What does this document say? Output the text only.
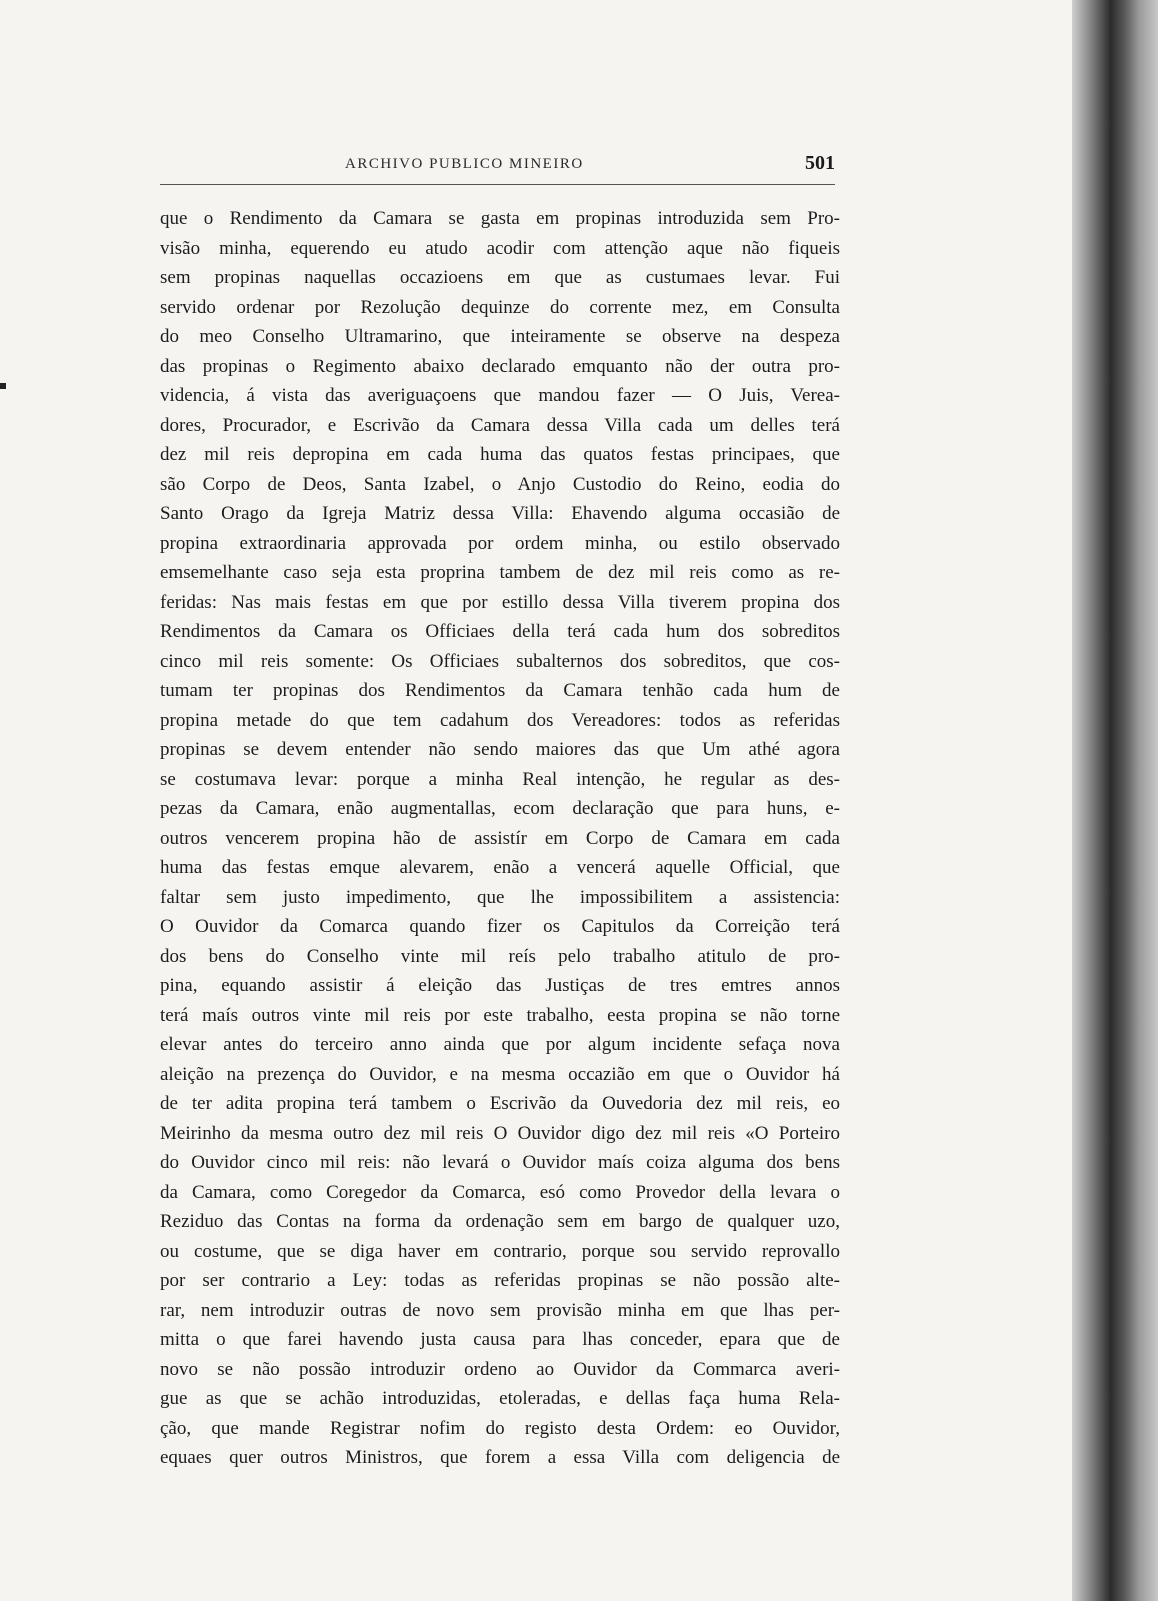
ARCHIVO PUBLICO MINEIRO	501
que o Rendimento da Camara se gasta em propinas introduzida sem Pro-
visão minha, equerendo eu atudo acodir com attenção aque não fiqueis
sem propinas naquellas occazioens em que as custumaes levar. Fui
servido ordenar por Rezolução dequinze do corrente mez, em Consulta
do meo Conselho Ultramarino, que inteiramente se observe na despeza
das propinas o Regimento abaixo declarado emquanto não der outra pro-
videncia, á vista das averiguaçoens que mandou fazer — O Juis, Verea-
dores, Procurador, e Escrivão da Camara dessa Villa cada um delles terá
dez mil reis depropina em cada huma das quatos festas principaes, que
são Corpo de Deos, Santa Izabel, o Anjo Custodio do Reino, eodia do
Santo Orago da Igreja Matriz dessa Villa: Ehavendo alguma occasião de
propina extraordinaria approvada por ordem minha, ou estilo observado
emsemelhante caso seja esta proprina tambem de dez mil reis como as re-
feridas: Nas mais festas em que por estillo dessa Villa tiverem propina dos
Rendimentos da Camara os Officiaes della terá cada hum dos sobreditos
cinco mil reis somente: Os Officiaes subalternos dos sobreditos, que cos-
tumam ter propinas dos Rendimentos da Camara tenhão cada hum de
propina metade do que tem cadahum dos Vereadores: todos as referidas
propinas se devem entender não sendo maiores das que Um athé agora
se costumava levar: porque a minha Real intenção, he regular as des-
pezas da Camara, enão augmentallas, ecom declaração que para huns, e-
outros vencerem propina hão de assistír em Corpo de Camara em cada
huma das festas emque alevarem, enão a vencerá aquelle Official, que
faltar sem justo impedimento, que lhe impossibilitem a assistencia:
O Ouvidor da Comarca quando fizer os Capitulos da Correição terá
dos bens do Conselho vinte mil reís pelo trabalho atitulo de pro-
pina, equando assistir á eleição das Justiças de tres emtres annos
terá maís outros vinte mil reis por este trabalho, eesta propina se não torne
elevar antes do terceiro anno ainda que por algum incidente sefaça nova
aleição na prezença do Ouvidor, e na mesma occazião em que o Ouvidor há
de ter adita propina terá tambem o Escrivão da Ouvedoria dez mil reis, eo
Meirinho da mesma outro dez mil reis O Ouvidor digo dez mil reis «O Porteiro
do Ouvidor cinco mil reis: não levará o Ouvidor maís coiza alguma dos bens
da Camara, como Coregedor da Comarca, esó como Provedor della levara o
Reziduo das Contas na forma da ordenação sem em bargo de qualquer uzo,
ou costume, que se diga haver em contrario, porque sou servido reprovallo
por ser contrario a Ley: todas as referidas propinas se não possão alte-
rar, nem introduzir outras de novo sem provisão minha em que lhas per-
mitta o que farei havendo justa causa para lhas conceder, epara que de
novo se não possão introduzir ordeno ao Ouvidor da Commarca averi-
gue as que se achão introduzidas, etoleradas, e dellas faça huma Rela-
ção, que mande Registrar nofim do registo desta Ordem: eo Ouvidor,
equaes quer outros Ministros, que forem a essa Villa com deligencia de
